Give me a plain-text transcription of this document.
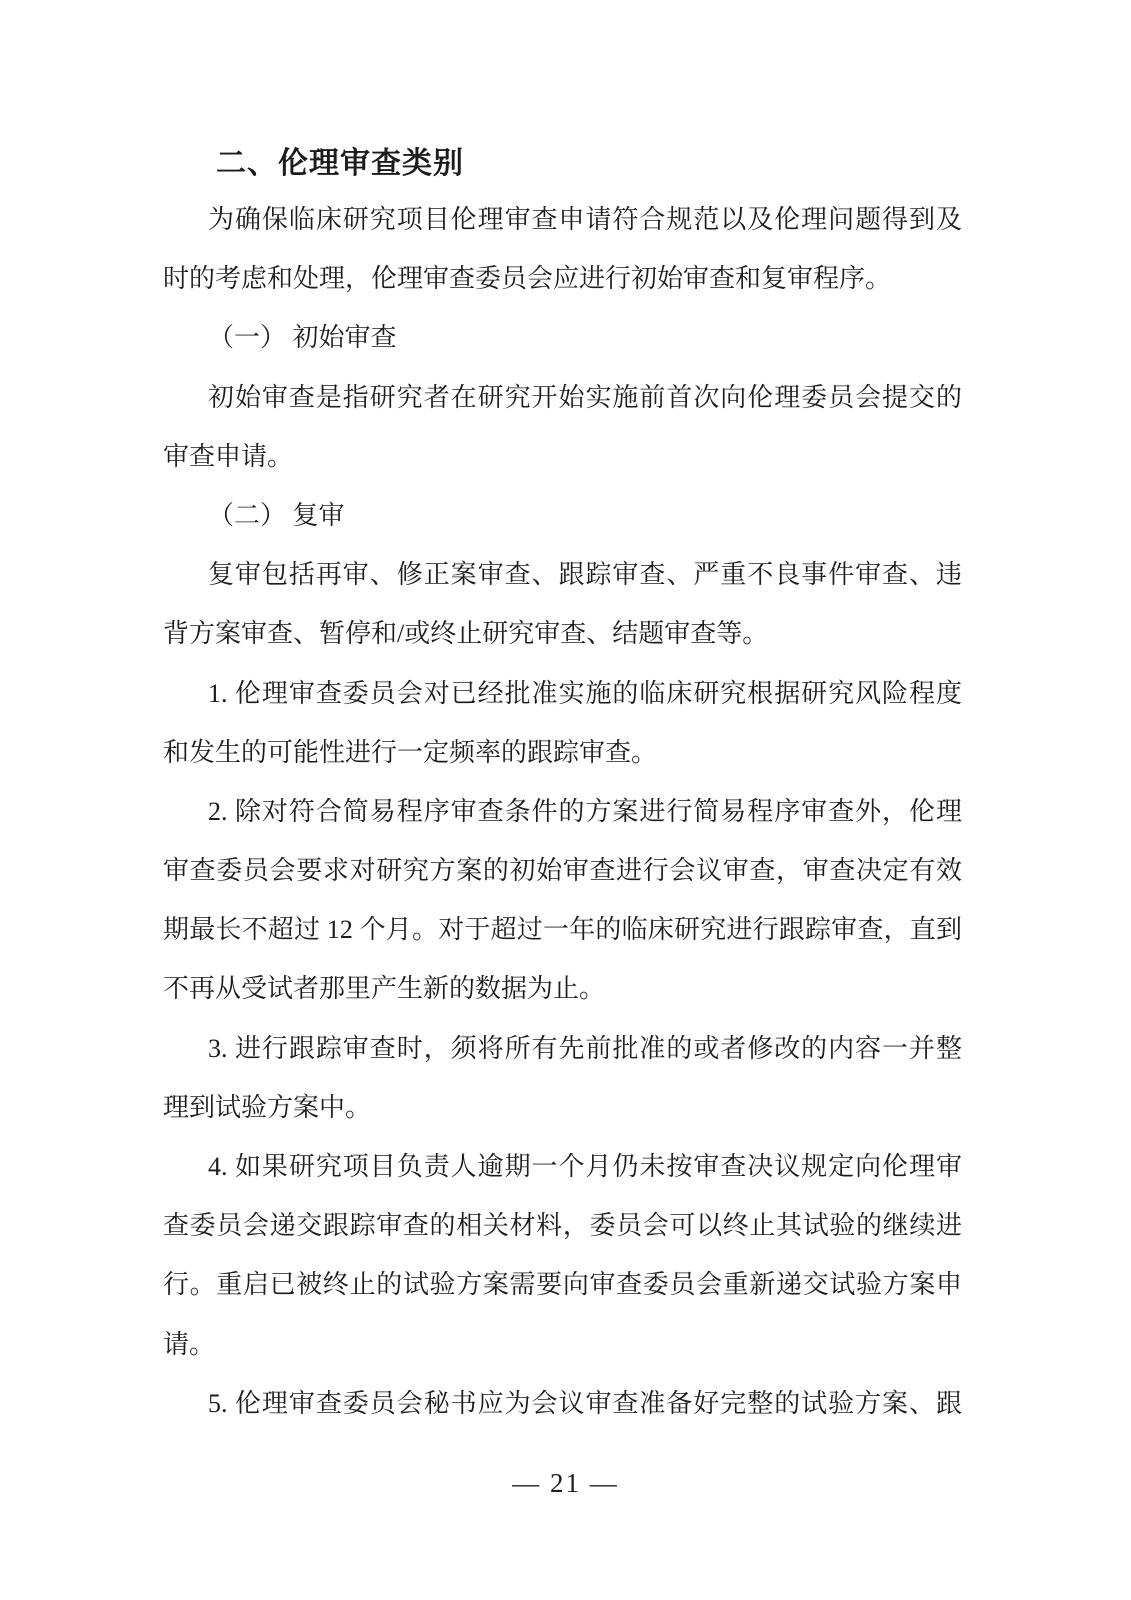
二、伦理审查类别
为确保临床研究项目伦理审查申请符合规范以及伦理问题得到及
时的考虑和处理，伦理审查委员会应进行初始审查和复审程序。
（一） 初始审查
初始审查是指研究者在研究开始实施前首次向伦理委员会提交的
审查申请。
（二） 复审
复审包括再审、修正案审查、跟踪审查、严重不良事件审查、违
背方案审查、暂停和/或终止研究审查、结题审查等。
1. 伦理审查委员会对已经批准实施的临床研究根据研究风险程度
和发生的可能性进行一定频率的跟踪审查。
2. 除对符合简易程序审查条件的方案进行简易程序审查外，伦理
审查委员会要求对研究方案的初始审查进行会议审查，审查决定有效
期最长不超过 12 个月。对于超过一年的临床研究进行跟踪审查，直到
不再从受试者那里产生新的数据为止。
3. 进行跟踪审查时，须将所有先前批准的或者修改的内容一并整
理到试验方案中。
4. 如果研究项目负责人逾期一个月仍未按审查决议规定向伦理审
查委员会递交跟踪审查的相关材料，委员会可以终止其试验的继续进
行。重启已被终止的试验方案需要向审查委员会重新递交试验方案申
请。
5. 伦理审查委员会秘书应为会议审查准备好完整的试验方案、跟
— 21 —
